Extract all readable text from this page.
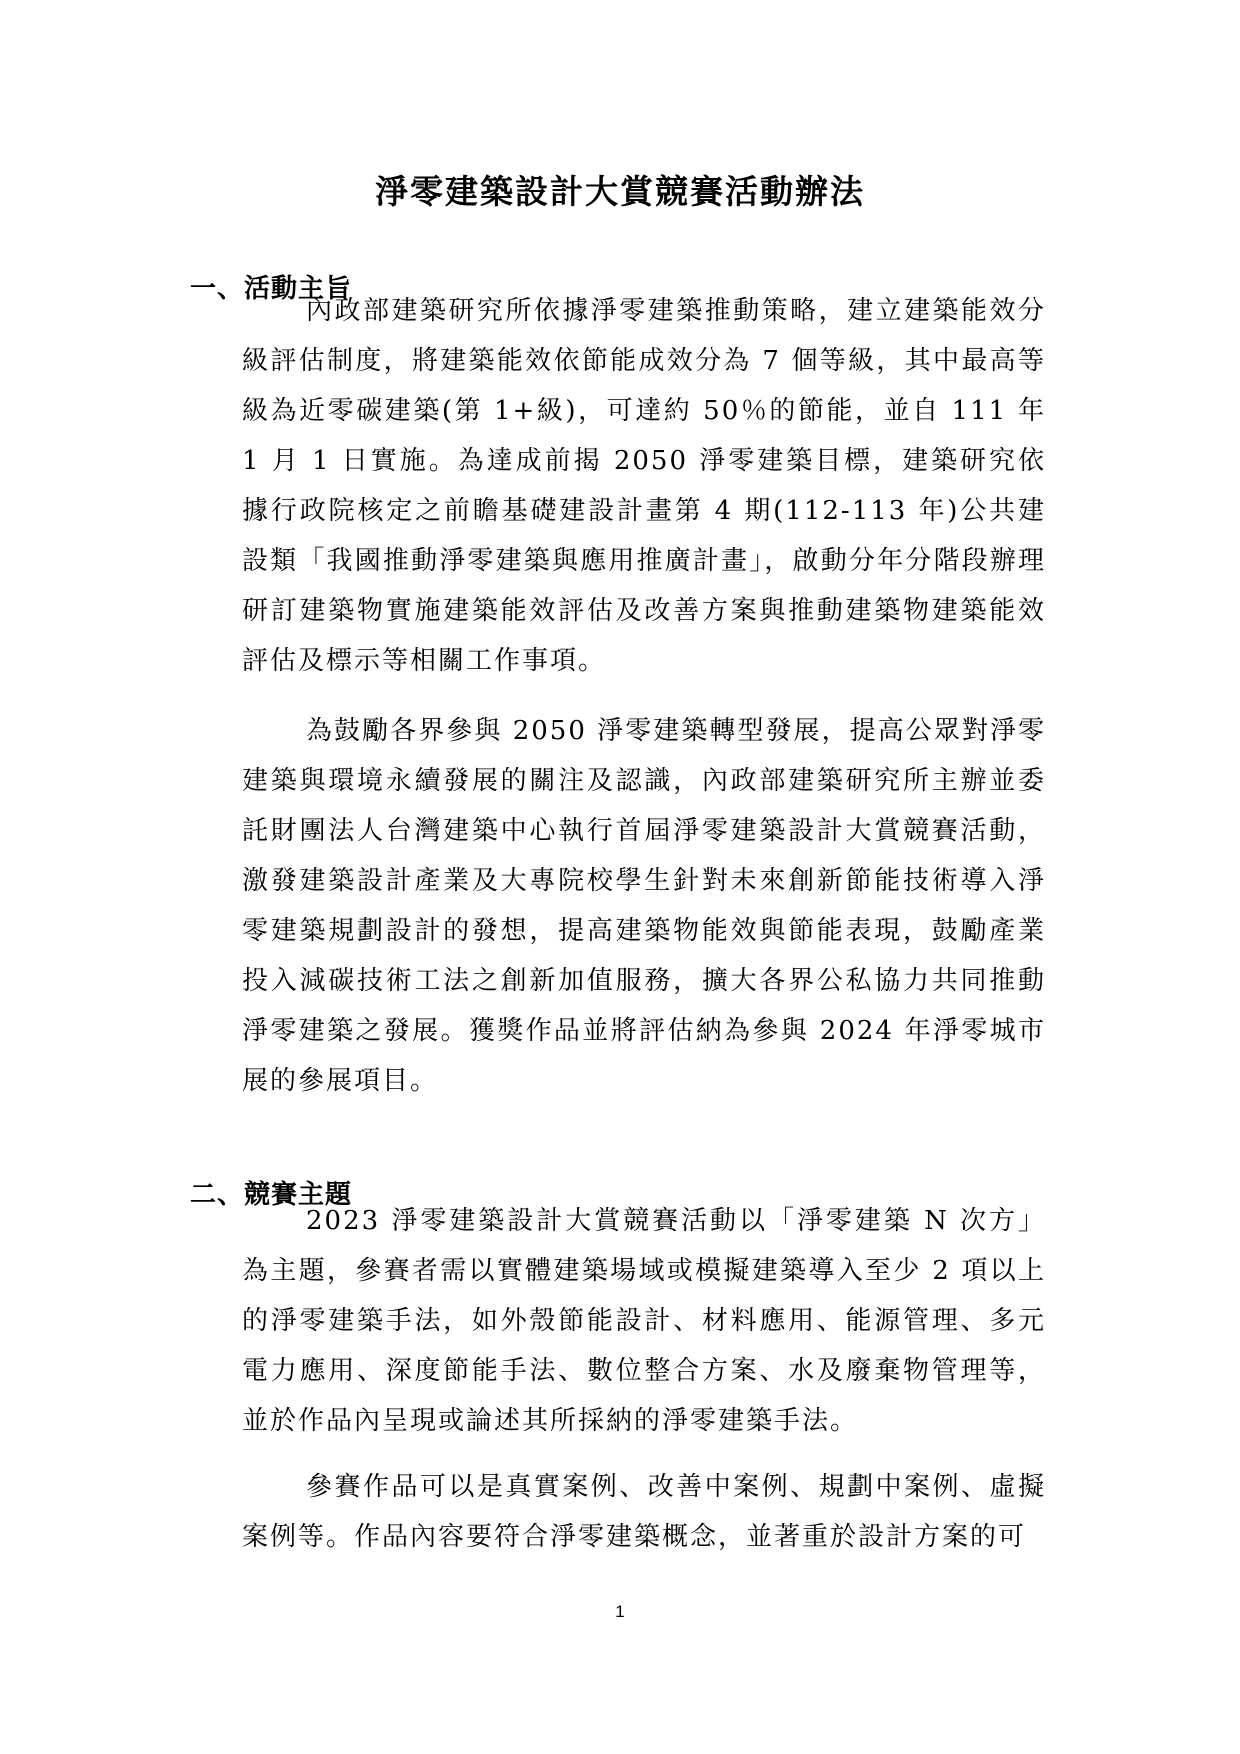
淨零建築設計大賞競賽活動辦法
一、活動主旨

內政部建築研究所依據淨零建築推動策略，建立建築能效分級評估制度，將建築能效依節能成效分為 7 個等級，其中最高等級為近零碳建築(第 1+級)，可達約 50％的節能，並自 111 年 1 月 1 日實施。為達成前揭 2050 淨零建築目標，建築研究依據行政院核定之前瞻基礎建設計畫第 4 期(112-113 年)公共建設類「我國推動淨零建築與應用推廣計畫」，啟動分年分階段辦理研訂建築物實施建築能效評估及改善方案與推動建築物建築能效評估及標示等相關工作事項。

為鼓勵各界參與 2050 淨零建築轉型發展，提高公眾對淨零建築與環境永續發展的關注及認識，內政部建築研究所主辦並委託財團法人台灣建築中心執行首屆淨零建築設計大賞競賽活動，激發建築設計產業及大專院校學生針對未來創新節能技術導入淨零建築規劃設計的發想，提高建築物能效與節能表現，鼓勵產業投入減碳技術工法之創新加值服務，擴大各界公私協力共同推動淨零建築之發展。獲獎作品並將評估納為參與 2024 年淨零城市展的參展項目。

二、競賽主題

2023 淨零建築設計大賞競賽活動以「淨零建築 N 次方」為主題，參賽者需以實體建築場域或模擬建築導入至少 2 項以上的淨零建築手法，如外殼節能設計、材料應用、能源管理、多元電力應用、深度節能手法、數位整合方案、水及廢棄物管理等，並於作品內呈現或論述其所採納的淨零建築手法。

參賽作品可以是真實案例、改善中案例、規劃中案例、虛擬案例等。作品內容要符合淨零建築概念，並著重於設計方案的可

1
